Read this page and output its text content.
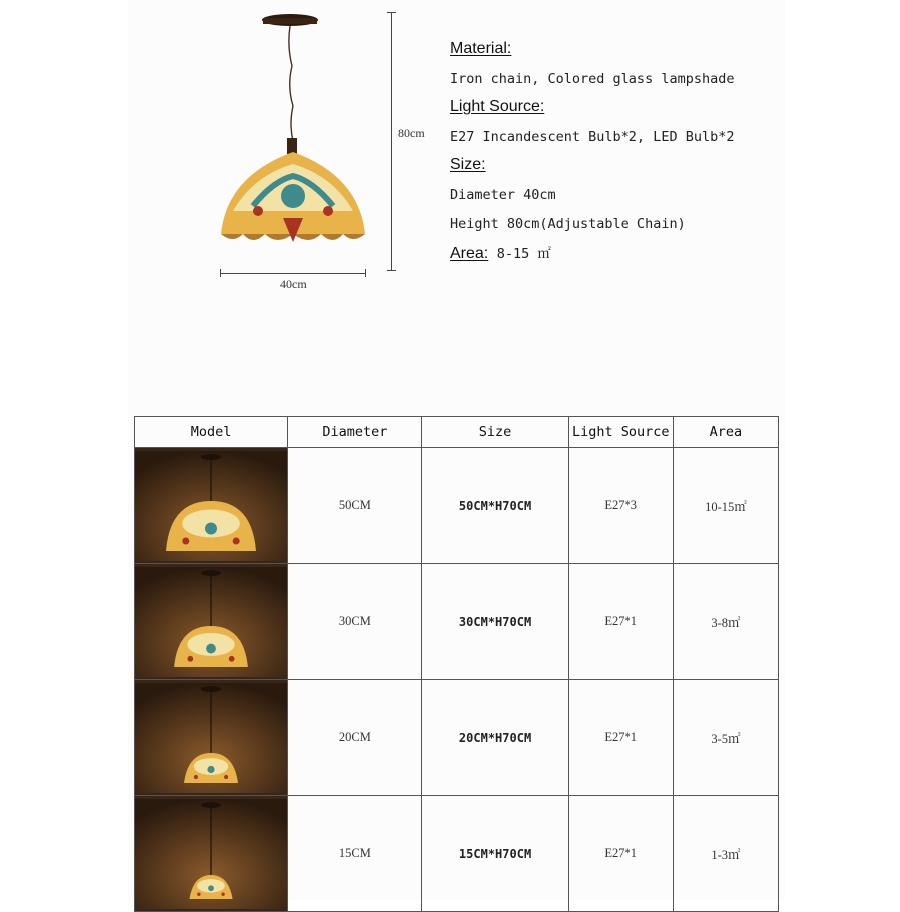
80cm
40cm
Material:
Iron chain, Colored glass lampshade
Light Source:
E27 Incandescent Bulb*2, LED Bulb*2
Size:
Diameter 40cm
Height 80cm(Adjustable Chain)
Area: 8-15 ㎡
Model	Diameter	Size	Light Source	Area

	50CM	50CM*H70CM	E27*3	10-15㎡

	30CM	30CM*H70CM	E27*1	3-8㎡

	20CM	20CM*H70CM	E27*1	3-5㎡

	15CM	15CM*H70CM	E27*1	1-3㎡
